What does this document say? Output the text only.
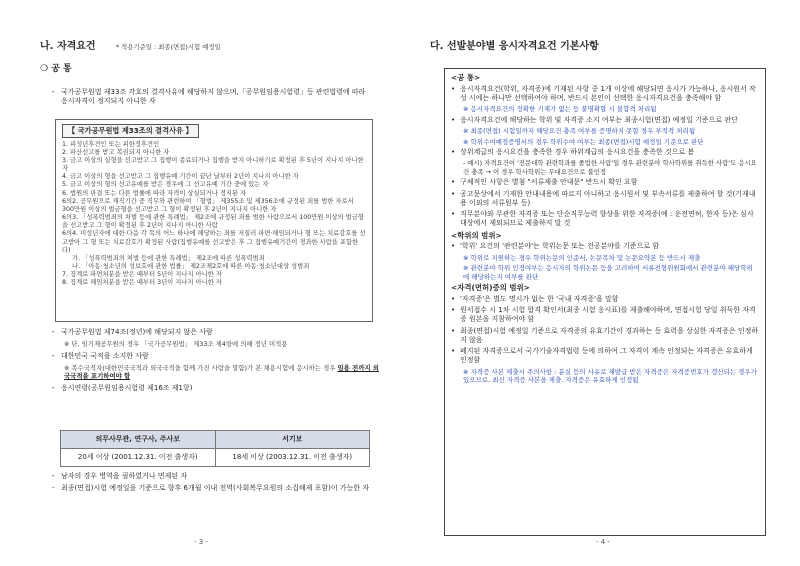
나. 자격요건	* 적용기준일 : 최종(면접)시험 예정일
❍ 공 통
- 국가공무원법 제33조 각호의 결격사유에 해당하지 않으며,「공무원임용시험령」등 관련법령에 따라 응시자격이 정지되지 아니한 자
【 국가공무원법 제33조의 결격사유 】
1. 피성년후견인 또는 피한정후견인
2. 파산선고를 받고 복권되지 아니한 자
3. 금고 이상의 실형을 선고받고 그 집행이 종료되거나 집행을 받지 아니하기로 확정된 후 5년이 지나지 아니한 자
4. 금고 이상의 형을 선고받고 그 집행유예 기간이 끝난 날부터 2년이 지나지 아니한 자
5. 금고 이상의 형의 선고유예를 받은 경우에 그 선고유예 기간 중에 있는 자
6. 법원의 판결 또는 다른 법률에 따라 자격이 상실되거나 정지된 자
6의2. 공무원으로 재직기간 중 직무와 관련하여 「형법」 제355조 및 제356조에 규정된 죄를 범한 자로서 300만원 이상의 벌금형을 선고받고 그 형이 확정된 후 2년이 지나지 아니한 자
6의3. 「성폭력범죄의 처벌 등에 관한 특례법」 제2조에 규정된 죄를 범한 사람으로서 100만원 이상의 벌금형을 선고받고 그 형이 확정된 후 2년이 지나지 아니한 사람
6의4. 미성년자에 대한 다음 각 목의 어느 하나에 해당하는 죄를 저질러 파면·해임되거나 형 또는 치료감호를 선고받아 그 형 또는 치료감호가 확정된 사람(집행유예를 선고받은 후 그 집행유예기간이 경과한 사람을 포함한다)
가. 「성폭력범죄의 처벌 등에 관한 특례법」 제2조에 따른 성폭력범죄
나. 「아동·청소년의 성보호에 관한 법률」 제2조제2호에 따른 아동·청소년대상 성범죄
7. 징계로 파면처분을 받은 때부터 5년이 지나지 아니한 자
8. 징계로 해임처분을 받은 때부터 3년이 지나지 아니한 자
- 국가공무원법 제74조(정년)에 해당되지 않은 사람
※ 단, 임기제공무원의 경우 「국가공무원법」 제33조 제4항에 의해 정년 미적용
- 대한민국 국적을 소지한 사람
※ 복수국적자(대한민국국적과 외국국적을 함께 가진 사람을 말함)가 본 채용시험에 응시하는 경우 임용 전까지 외국국적을 포기하여야 함
- 응시연령(공무원임용시험령 제16조 제1항)
의무사무관, 연구사, 주사보	서기보
20세 이상 (2001.12.31. 이전 출생자)	18세 이상 (2003.12.31. 이전 출생자)
- 남자의 경우 병역을 필하였거나 면제된 자
- 최종(면접)시험 예정일을 기준으로 향후 6개월 이내 전역(사회복무요원의 소집해제 포함)이 가능한 자
- 3 -
다. 선발분야별 응시자격요건 기본사항
<공 통>
• 응시자격요건(학위, 자격증)에 기재된 사항 중 1개 이상에 해당되면 응시가 가능하나, 응시원서 작성 시에는 하나만 선택하여야 하며, 반드시 본인이 선택한 응시자격요건을 충족해야 함
※ 응시자격요건의 정확한 기재가 없는 등 불명확할 시 불합격 처리됨
• 응시자격요건에 해당하는 학위 및 자격증 소지 여부는 최종시험(면접) 예정일 기준으로 판단
※ 최종(면접) 시험일까지 해당요건 충족 여부를 증명하지 못할 경우 부적격 처리됨
※ 학위수여예정증명서의 경우 학위수여 여부는 최종(면접)시험 예정일 기준으로 판단
• 상위계급의 응시요건을 충족한 경우 하위계급의 응시요건을 충족한 것으로 봄
- 예시) 자격요건이 '전문대학 관련학과를 졸업한 사람'일 경우 관련분야 학사학위를 취득한 사람'도 응시요건 충족 → 이 경우 학사학위는 무대요건으로 불인정
• 구체적인 사항은 별첨 "서류제출 안내문" 반드시 확인 요함
• 공고문상에서 기재한 안내내용에 따르지 아니하고 응시원서 및 부속서류를 제출하여 할 것(기재내용 이외의 서류원부 등)
• 직무분야와 무관한 자격증 또는 단순직무능력 향상을 위한 자격증(예 : 운전면허, 한자 등)은 심사대상에서 제외되므로 제출하지 말 것
<학위의 범위>
• '학위' 요건의 '관련분야'는 학위논문 또는 전공분야를 기준으로 함
※ 학위로 지원하는 경우 학위논문의 인준서, 논문목차 및 논문요약본 등 반드시 제출
※ 관련분야 학위 인정여부는 응시자의 학위논문 등을 고려하여 서류전형위원회에서 관련분야 해당학위에 해당하는지 여부를 판단
<자격(면허)증의 범위>
• '자격증'은 별도 명시가 없는 한 '국내 자격증'을 말함
• 원서접수 시 1차 시험 합격 확인서(최종 시험 응시표)를 제출해야하며, 면접시험 당일 취득한 자격증 원본을 지참하여야 함
• 최종(면접)시험 예정일 기준으로 자격증의 유효기간이 경과하는 등 효력을 상실한 자격증은 인정하지 않음
• 폐지된 자격증으로서 국가기술자격법령 등에 의하여 그 자격이 계속 인정되는 자격증은 유효하게 인정함
※ 자격증 사본 제출시 주의사항 : 분실 등의 사유로 재발급 받은 자격증은 자격증번호가 갱신되는 경우가 있으므로, 최신 자격증 사본을 제출. 자격증은 유효하게 인정됨
- 4 -
